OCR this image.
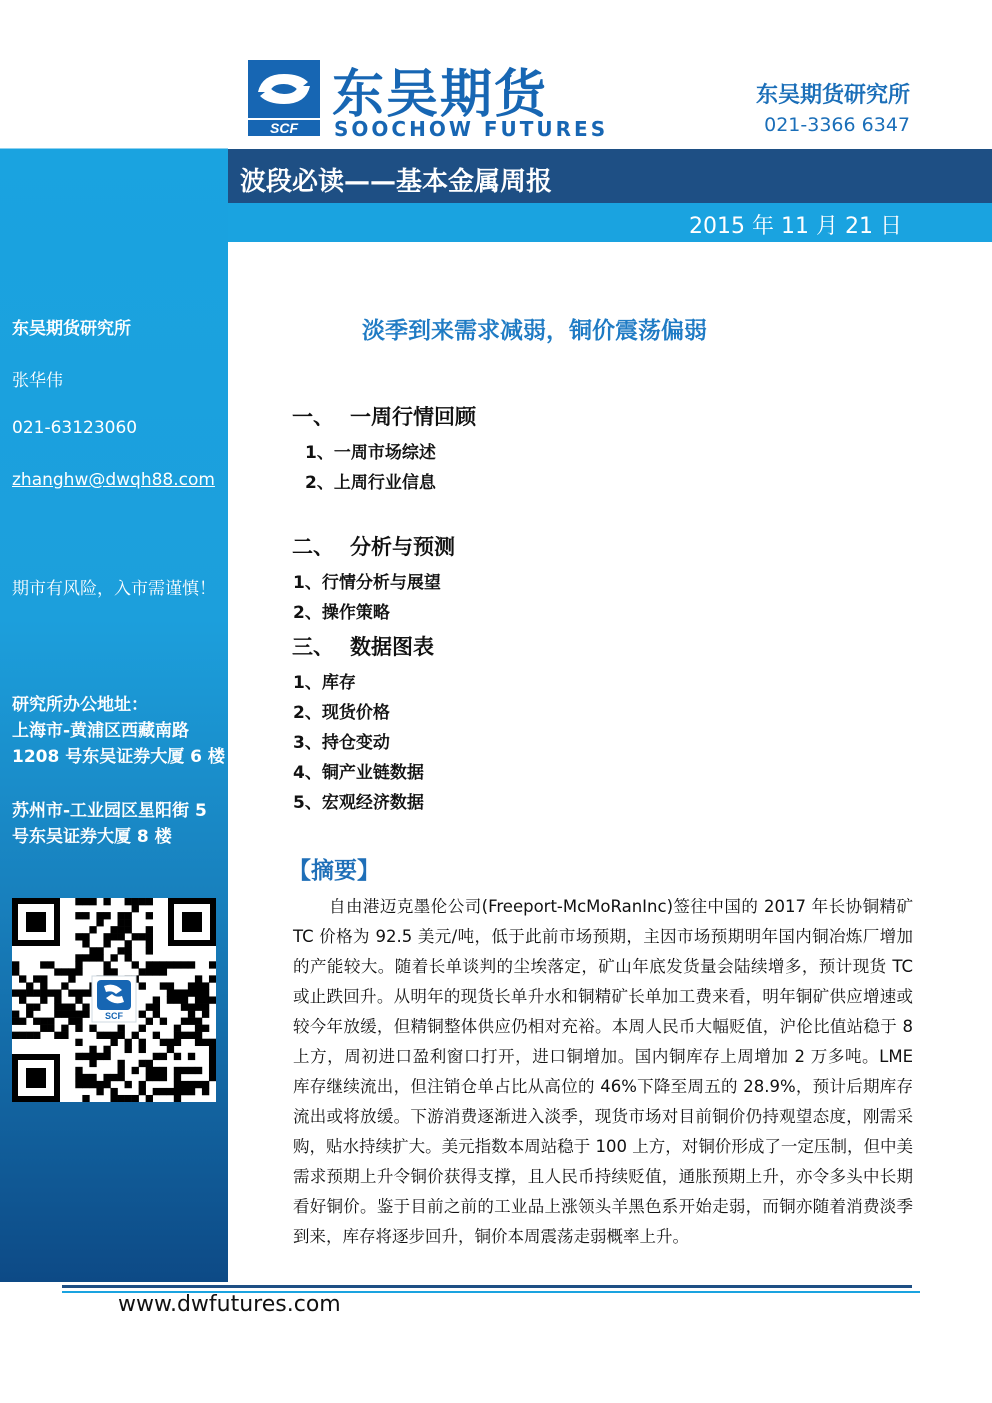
东吴期货研究所
张华伟
021-63123060
zhanghw@dwqh88.com
期市有风险，入市需谨慎！
研究所办公地址：
上海市-黄浦区西藏南路
1208 号东吴证券大厦 6 楼
苏州市-工业园区星阳街 5
号东吴证券大厦 8 楼
SCF
SCF
东吴期货
SOOCHOW FUTURES
东吴期货研究所
021-3366 6347
波段必读——基本金属周报
2015 年 11 月 21 日
淡季到来需求减弱，铜价震荡偏弱
一、 一周行情回顾
1、一周市场综述
2、上周行业信息
二、 分析与预测
1、行情分析与展望
2、操作策略
三、 数据图表
1、库存
2、现货价格
3、持仓变动
4、铜产业链数据
5、宏观经济数据
【摘要】

自由港迈克墨伦公司(Freeport-McMoRanInc)签往中国的 2017 年长协铜精矿 TC 价格为 92.5 美元/吨，低于此前市场预期，主因市场预期明年国内铜冶炼厂增加的产能较大。随着长单谈判的尘埃落定，矿山年底发货量会陆续增多，预计现货 TC 或止跌回升。从明年的现货长单升水和铜精矿长单加工费来看，明年铜矿供应增速或较今年放缓，但精铜整体供应仍相对充裕。本周人民币大幅贬值，沪伦比值站稳于 8 上方，周初进口盈利窗口打开，进口铜增加。国内铜库存上周增加 2 万多吨。LME 库存继续流出，但注销仓单占比从高位的 46%下降至周五的 28.9%，预计后期库存流出或将放缓。下游消费逐渐进入淡季，现货市场对目前铜价仍持观望态度，刚需采购，贴水持续扩大。美元指数本周站稳于 100 上方，对铜价形成了一定压制，但中美需求预期上升令铜价获得支撑，且人民币持续贬值，通胀预期上升，亦令多头中长期看好铜价。鉴于目前之前的工业品上涨领头羊黑色系开始走弱，而铜亦随着消费淡季到来，库存将逐步回升，铜价本周震荡走弱概率上升。

www.dwfutures.com
